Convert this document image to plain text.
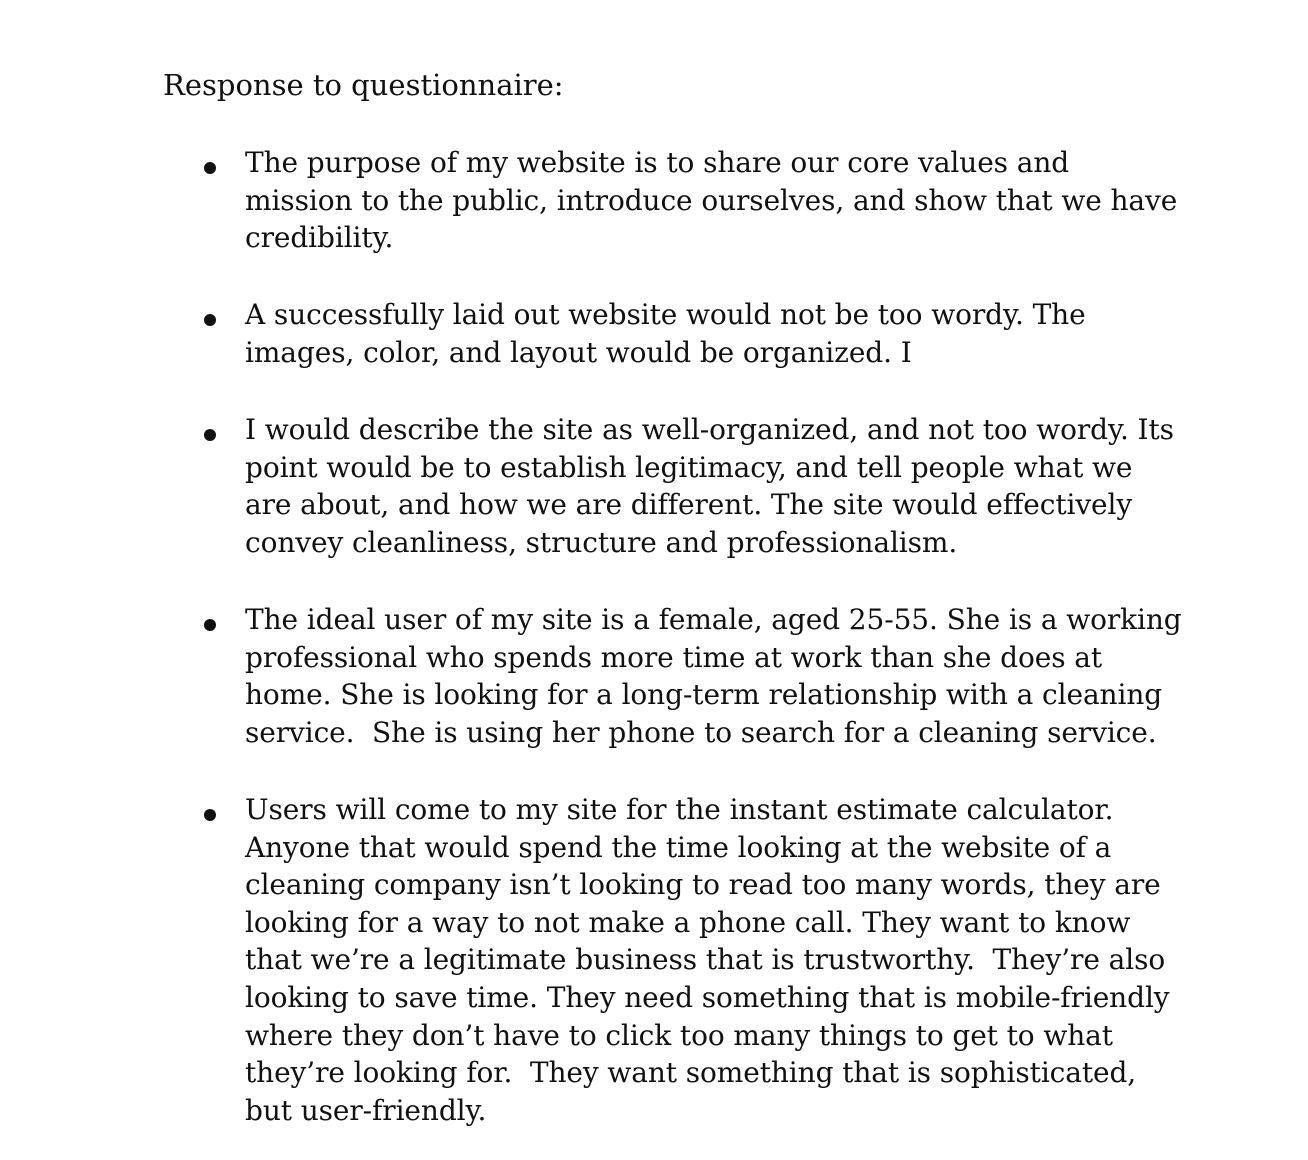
Response to questionnaire:
The purpose of my website is to share our core values and
mission to the public, introduce ourselves, and show that we have
credibility.
A successfully laid out website would not be too wordy. The
images, color, and layout would be organized. I
I would describe the site as well-organized, and not too wordy. Its
point would be to establish legitimacy, and tell people what we
are about, and how we are different. The site would effectively
convey cleanliness, structure and professionalism.
The ideal user of my site is a female, aged 25-55. She is a working
professional who spends more time at work than she does at
home. She is looking for a long-term relationship with a cleaning
service.  She is using her phone to search for a cleaning service.
Users will come to my site for the instant estimate calculator.
Anyone that would spend the time looking at the website of a
cleaning company isn’t looking to read too many words, they are
looking for a way to not make a phone call. They want to know
that we’re a legitimate business that is trustworthy.  They’re also
looking to save time. They need something that is mobile-friendly
where they don’t have to click too many things to get to what
they’re looking for.  They want something that is sophisticated,
but user-friendly.
